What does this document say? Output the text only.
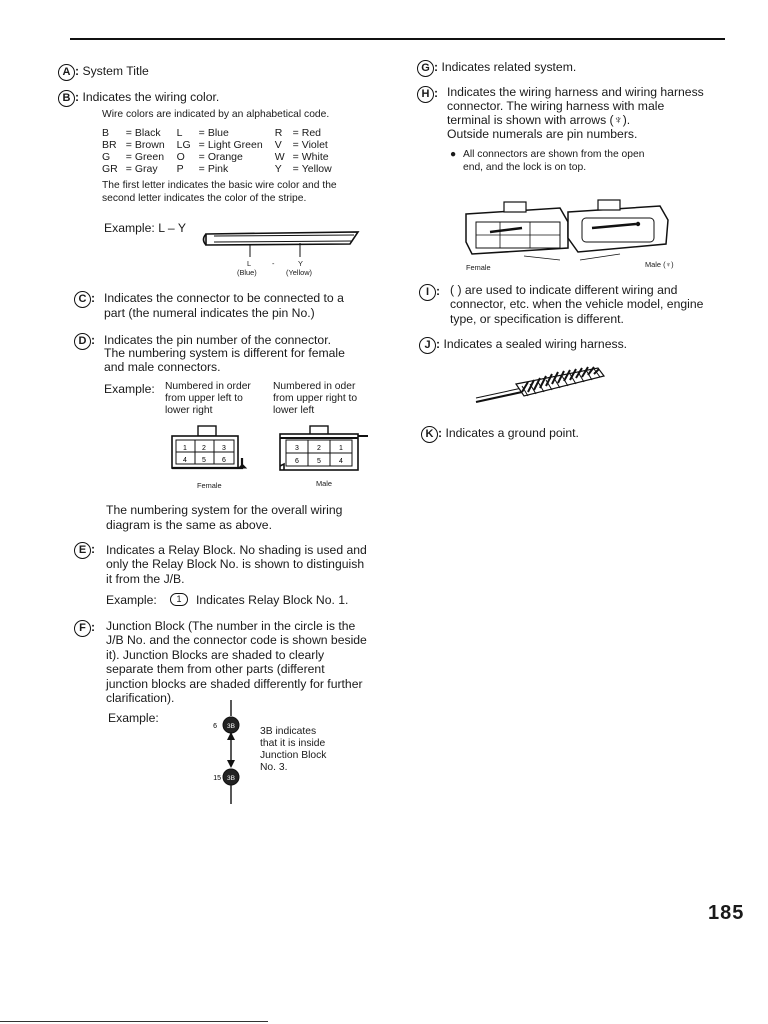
A : System Title
B : Indicates the wiring color.
Wire colors are indicated by an alphabetical code.
B	=	Black	L	=	Blue	R	=	Red
BR	=	Brown	LG	=	Light Green	V	=	Violet
G	=	Green	O	=	Orange	W	=	White
GR	=	Gray	P	=	Pink	Y	=	Yellow
The first letter indicates the basic wire color and the
second letter indicates the color of the stripe.
Example: L – Y
L	-	Y
(Blue)	(Yellow)
C : Indicates the connector to be connected to a
part (the numeral indicates the pin No.)
D : Indicates the pin number of the connector.
The numbering system is different for female
and male connectors.
Example: Numbered in order
from upper left to
lower right
Numbered in oder
from upper right to
lower left
1 2 3
4 5 6
Female
3	2	1
6	5	4
Male
The numbering system for the overall wiring
diagram is the same as above.
E : Indicates a Relay Block. No shading is used and
only the Relay Block No. is shown to distinguish
it from the J/B.
Example:	1	Indicates Relay Block No. 1.
F : Junction Block (The number in the circle is the
J/B No. and the connector code is shown beside
it). Junction Blocks are shaded to clearly
separate them from other parts (different
junction blocks are shaded differently for further
clarification).
Example:
6 3B
15 3B
3B indicates
that it is inside
Junction Block
No. 3.
G : Indicates related system.
H : Indicates the wiring harness and wiring harness
connector. The wiring harness with male
terminal is shown with arrows (♆).
Outside numerals are pin numbers.
● All connectors are shown from the open
end, and the lock is on top.
Female	Male (♆)
I : ( ) are used to indicate different wiring and
connector, etc. when the vehicle model, engine
type, or specification is different.
J : Indicates a sealed wiring harness.
K : Indicates a ground point.
185
